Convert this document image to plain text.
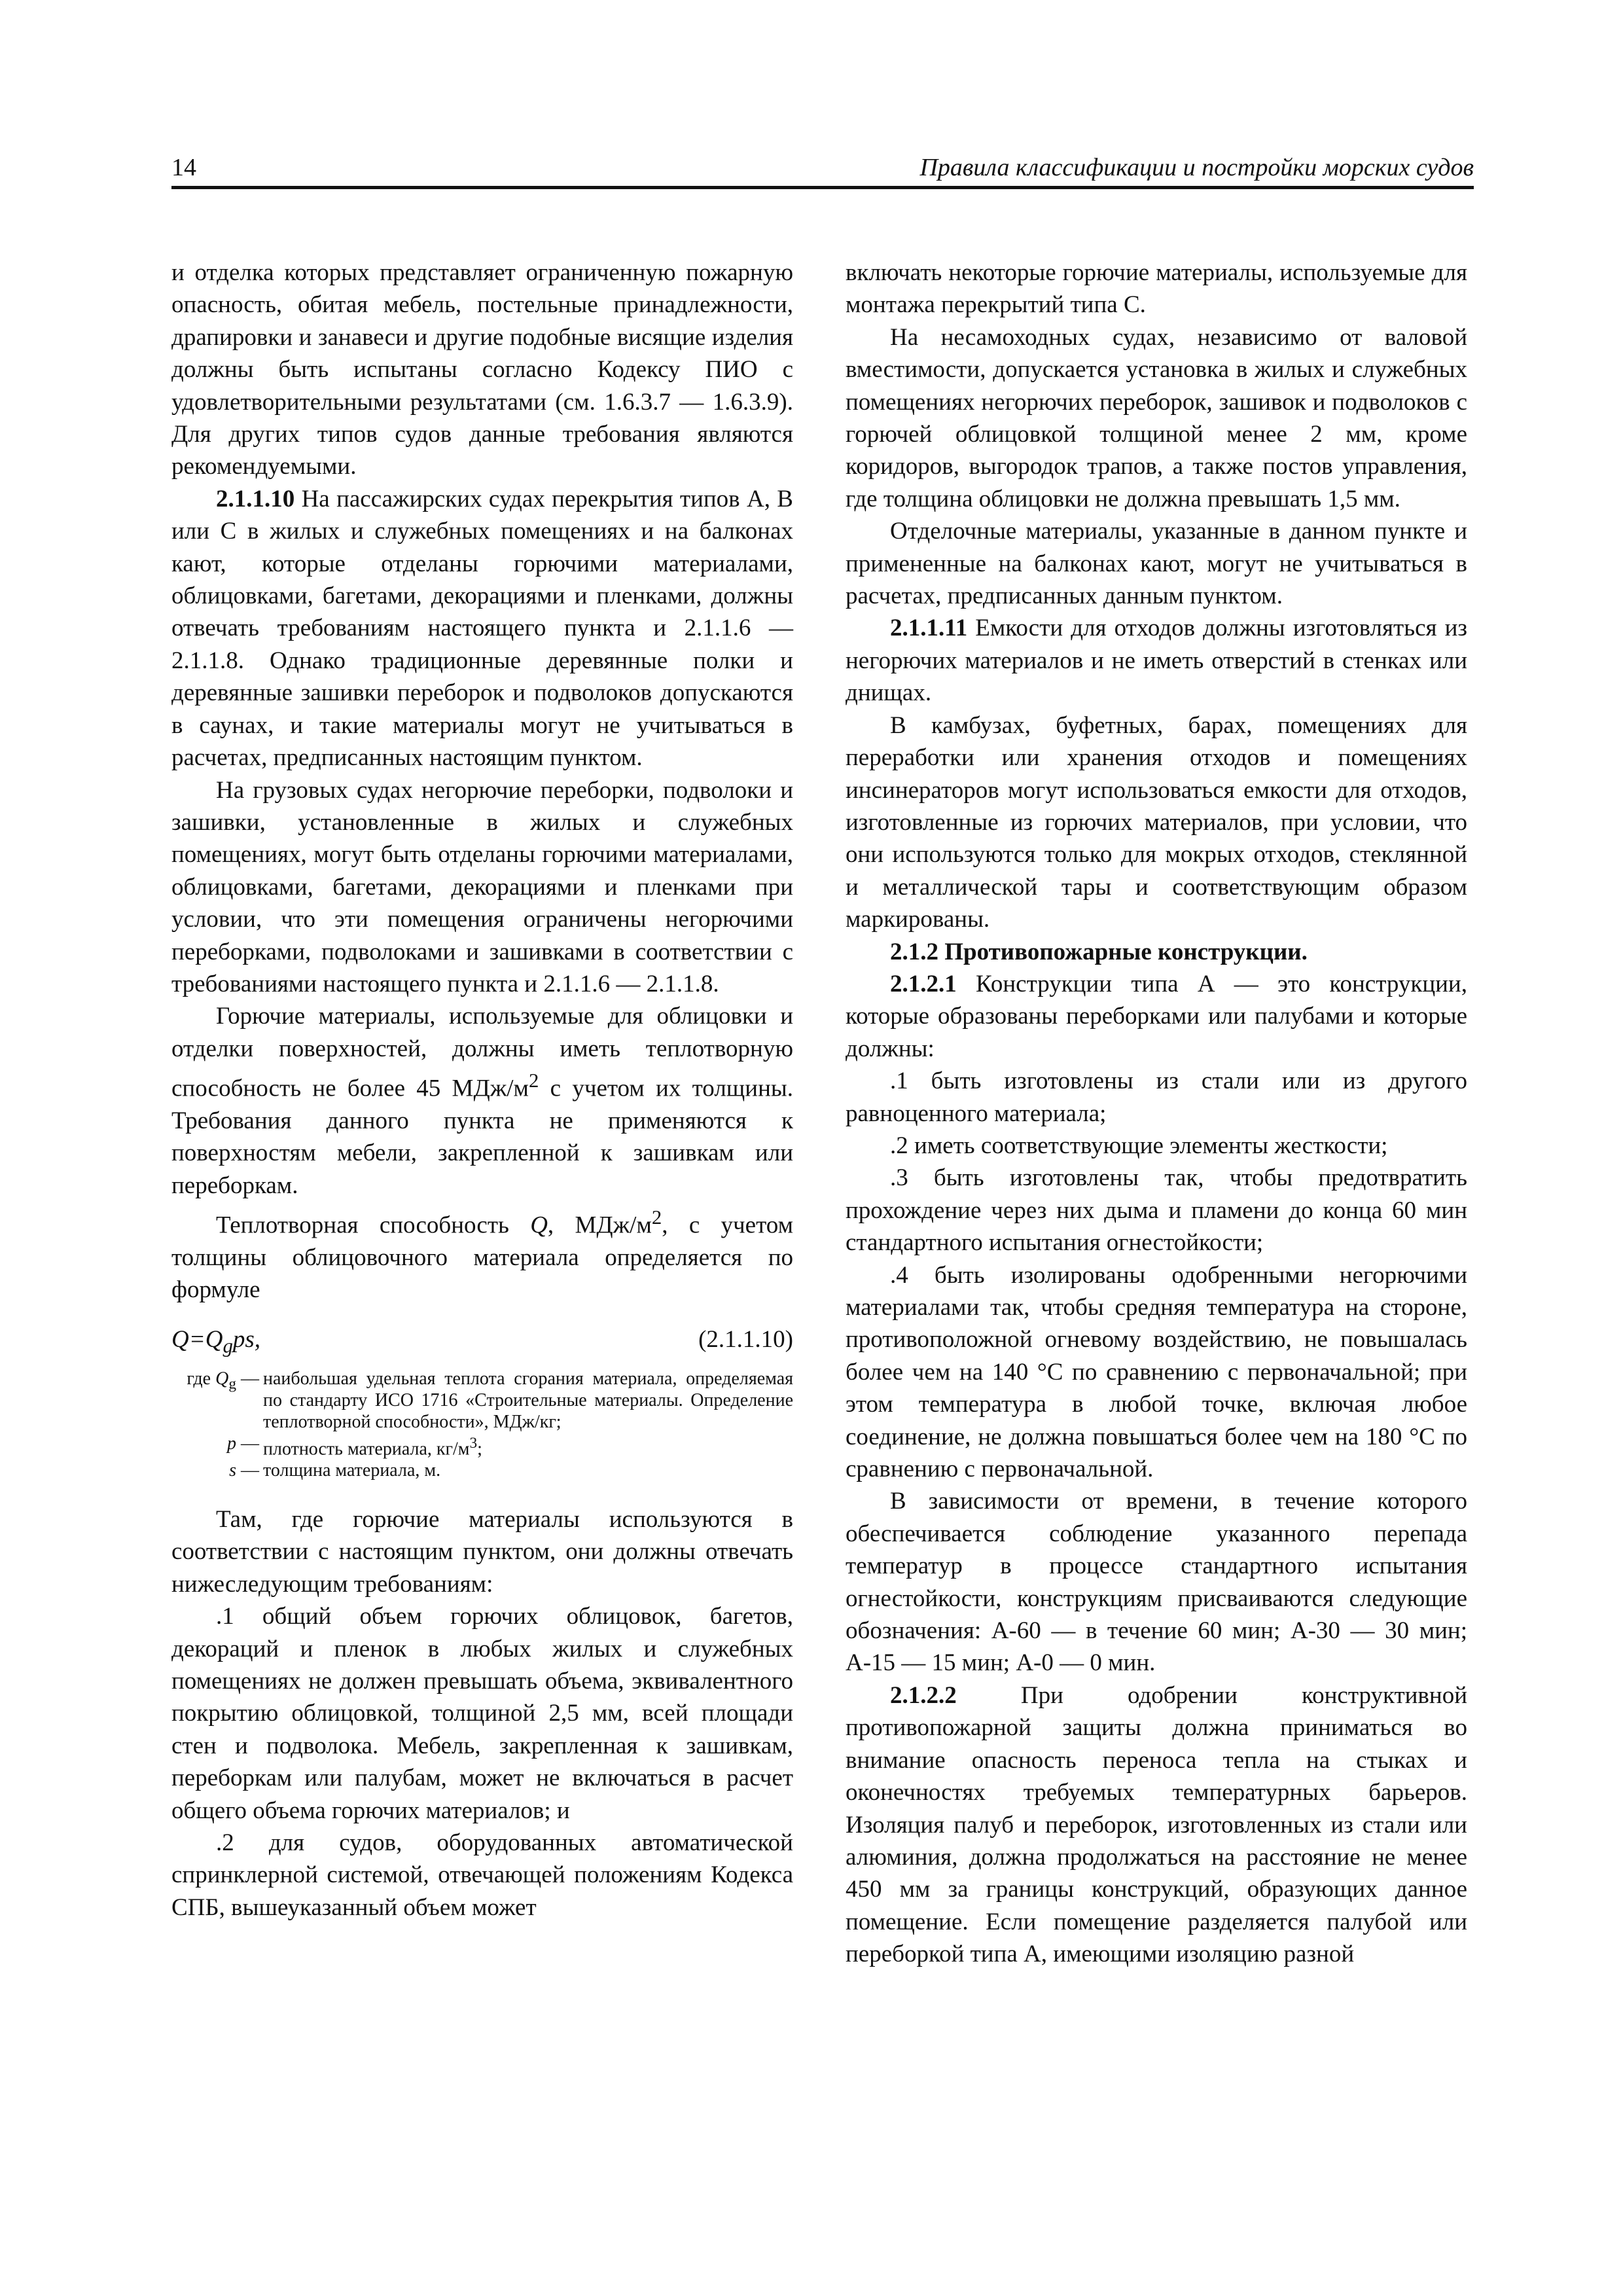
14	Правила классификации и постройки морских судов

и отделка которых представляет ограниченную пожарную опасность, обитая мебель, постельные принадлежности, драпировки и занавеси и другие подобные висящие изделия должны быть испытаны согласно Кодексу ПИО с удовлетворительными результатами (см. 1.6.3.7 — 1.6.3.9). Для других типов судов данные требования являются рекомендуемыми.

2.1.1.10 На пассажирских судах перекрытия типов А, В или С в жилых и служебных помещениях и на балконах кают, которые отделаны горючими материалами, облицовками, багетами, декорациями и пленками, должны отвечать требованиям настоящего пункта и 2.1.1.6 — 2.1.1.8. Однако традиционные деревянные полки и деревянные зашивки переборок и подволоков допускаются в саунах, и такие материалы могут не учитываться в расчетах, предписанных настоящим пунктом.

На грузовых судах негорючие переборки, подволоки и зашивки, установленные в жилых и служебных помещениях, могут быть отделаны горючими материалами, облицовками, багетами, декорациями и пленками при условии, что эти помещения ограничены негорючими переборками, подволоками и зашивками в соответствии с требованиями настоящего пункта и 2.1.1.6 — 2.1.1.8.

Горючие материалы, используемые для облицовки и отделки поверхностей, должны иметь теплотворную способность не более 45 МДж/$м^2$ с учетом их толщины. Требования данного пункта не применяются к поверхностям мебели, закрепленной к зашивкам или переборкам.

Теплотворная способность Q, МДж/$м^2$, с учетом толщины облицовочного материала определяется по формуле

$Q=Q_gps$,	(2.1.1.10)
где $Q_g$ — наибольшая удельная теплота сгорания материала, определяемая по стандарту ИСО 1716 «Строительные материалы. Определение теплотворной способности», МДж/кг;
p — плотность материала, $кг/м^3$;
s — толщина материала, м.

Там, где горючие материалы используются в соответствии с настоящим пунктом, они должны отвечать нижеследующим требованиям:

.1 общий объем горючих облицовок, багетов, декораций и пленок в любых жилых и служебных помещениях не должен превышать объема, эквивалентного покрытию облицовкой, толщиной 2,5 мм, всей площади стен и подволока. Мебель, закрепленная к зашивкам, переборкам или палубам, может не включаться в расчет общего объема горючих материалов; и

.2 для судов, оборудованных автоматической спринклерной системой, отвечающей положениям Кодекса СПБ, вышеуказанный объем может

включать некоторые горючие материалы, используемые для монтажа перекрытий типа С.

На несамоходных судах, независимо от валовой вместимости, допускается установка в жилых и служебных помещениях негорючих переборок, зашивок и подволоков с горючей облицовкой толщиной менее 2 мм, кроме коридоров, выгородок трапов, а также постов управления, где толщина облицовки не должна превышать 1,5 мм.

Отделочные материалы, указанные в данном пункте и примененные на балконах кают, могут не учитываться в расчетах, предписанных данным пунктом.

2.1.1.11 Емкости для отходов должны изготовляться из негорючих материалов и не иметь отверстий в стенках или днищах.

В камбузах, буфетных, барах, помещениях для переработки или хранения отходов и помещениях инсинераторов могут использоваться емкости для отходов, изготовленные из горючих материалов, при условии, что они используются только для мокрых отходов, стеклянной и металлической тары и соответствующим образом маркированы.

2.1.2 Противопожарные конструкции.

2.1.2.1 Конструкции типа А — это конструкции, которые образованы переборками или палубами и которые должны:

.1 быть изготовлены из стали или из другого равноценного материала;

.2 иметь соответствующие элементы жесткости;

.3 быть изготовлены так, чтобы предотвратить прохождение через них дыма и пламени до конца 60 мин стандартного испытания огнестойкости;

.4 быть изолированы одобренными негорючими материалами так, чтобы средняя температура на стороне, противоположной огневому воздействию, не повышалась более чем на 140 °С по сравнению с первоначальной; при этом температура в любой точке, включая любое соединение, не должна повышаться более чем на 180 °С по сравнению с первоначальной.

В зависимости от времени, в течение которого обеспечивается соблюдение указанного перепада температур в процессе стандартного испытания огнестойкости, конструкциям присваиваются следующие обозначения: А-60 — в течение 60 мин; А-30 — 30 мин; А-15 — 15 мин; А-0 — 0 мин.

2.1.2.2 При одобрении конструктивной противопожарной защиты должна приниматься во внимание опасность переноса тепла на стыках и оконечностях требуемых температурных барьеров. Изоляция палуб и переборок, изготовленных из стали или алюминия, должна продолжаться на расстояние не менее 450 мм за границы конструкций, образующих данное помещение. Если помещение разделяется палубой или переборкой типа А, имеющими изоляцию разной
